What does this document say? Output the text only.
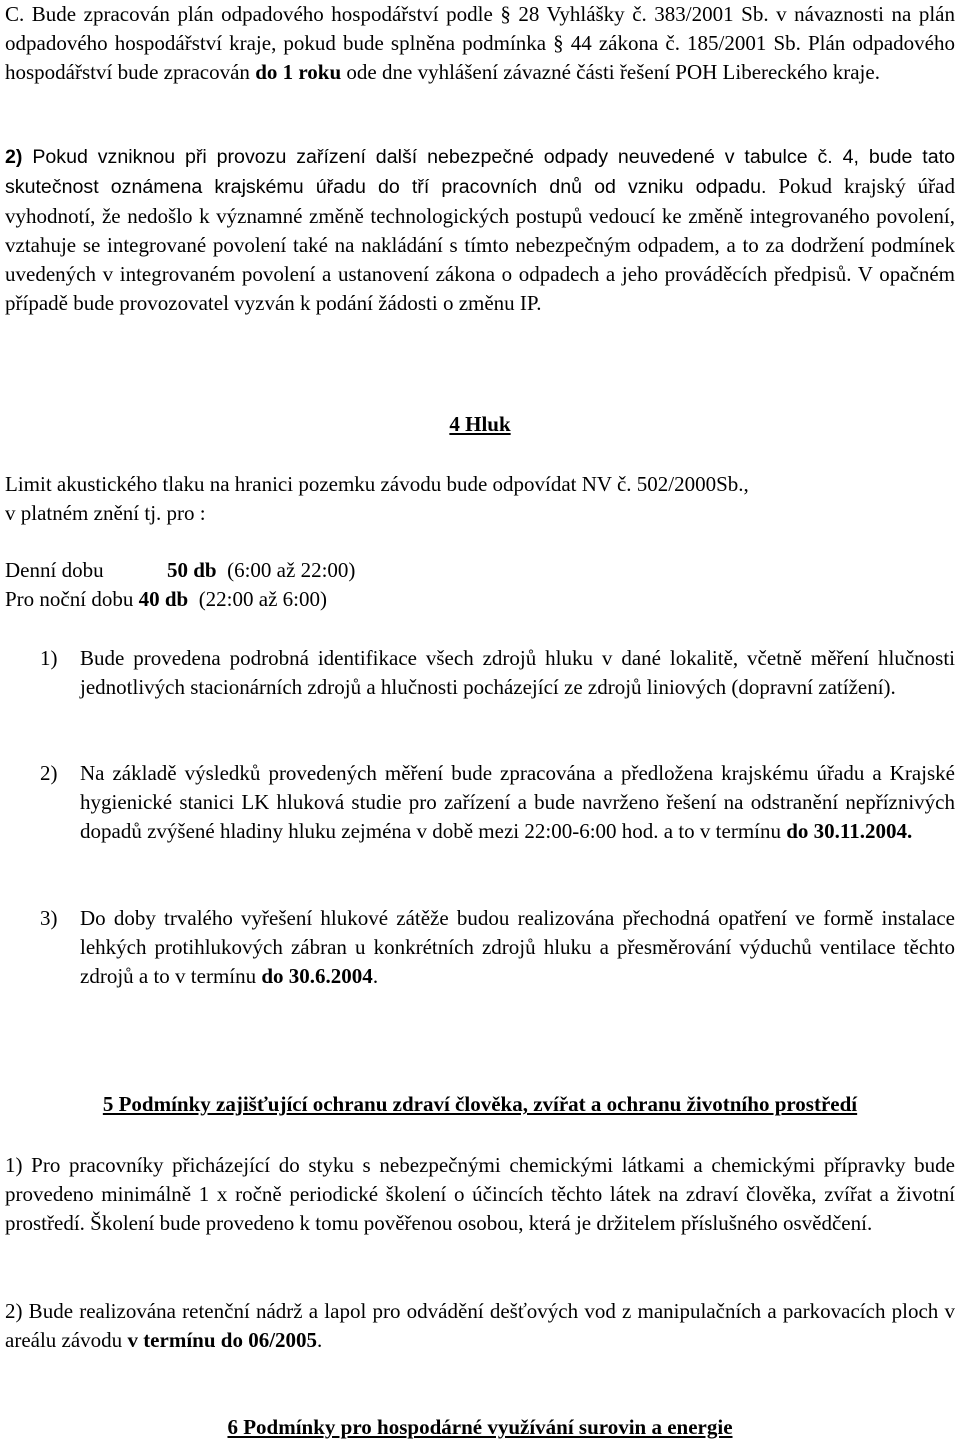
C. Bude zpracován plán odpadového hospodářství podle § 28 Vyhlášky č. 383/2001 Sb. v návaznosti na plán odpadového hospodářství kraje, pokud bude splněna podmínka § 44 zákona č. 185/2001 Sb. Plán odpadového hospodářství bude zpracován do 1 roku ode dne vyhlášení závazné části řešení POH Libereckého kraje.

2) Pokud vzniknou při provozu zařízení další nebezpečné odpady neuvedené v tabulce č. 4, bude tato skutečnost oznámena krajskému úřadu do tří pracovních dnů od vzniku odpadu. Pokud krajský úřad vyhodnotí, že nedošlo k významné změně technologických postupů vedoucí ke změně integrovaného povolení, vztahuje se integrované povolení také na nakládání s tímto nebezpečným odpadem, a to za dodržení podmínek uvedených v integrovaném povolení a ustanovení zákona o odpadech a jeho prováděcích předpisů. V opačném případě bude provozovatel vyzván k podání žádosti o změnu IP.

4 Hluk

Limit akustického tlaku na hranici pozemku závodu bude odpovídat NV č. 502/2000Sb.,

v platném znění tj. pro :

Denní dobu	50 db (6:00 až 22:00)

Pro noční dobu 40 db (22:00 až 6:00)

1) Bude provedena podrobná identifikace všech zdrojů hluku v dané lokalitě, včetně měření hlučnosti jednotlivých stacionárních zdrojů a hlučnosti pocházející ze zdrojů liniových (dopravní zatížení).

2) Na základě výsledků provedených měření bude zpracována a předložena krajskému úřadu a Krajské hygienické stanici LK hluková studie pro zařízení a bude navrženo řešení na odstranění nepříznivých dopadů zvýšené hladiny hluku zejména v době mezi 22:00-6:00 hod. a to v termínu do 30.11.2004.

3) Do doby trvalého vyřešení hlukové zátěže budou realizována přechodná opatření ve formě instalace lehkých protihlukových zábran u konkrétních zdrojů hluku a přesměrování výduchů ventilace těchto zdrojů a to v termínu do 30.6.2004.

5 Podmínky zajišťující ochranu zdraví člověka, zvířat a ochranu životního prostředí

1) Pro pracovníky přicházející do styku s nebezpečnými chemickými látkami a chemickými přípravky bude provedeno minimálně 1 x ročně periodické školení o účincích těchto látek na zdraví člověka, zvířat a životní prostředí. Školení bude provedeno k tomu pověřenou osobou, která je držitelem příslušného osvědčení.

2) Bude realizována retenční nádrž a lapol pro odvádění dešťových vod z manipulačních a parkovacích ploch v areálu závodu v termínu do 06/2005.

6 Podmínky pro hospodárné využívání surovin a energie
